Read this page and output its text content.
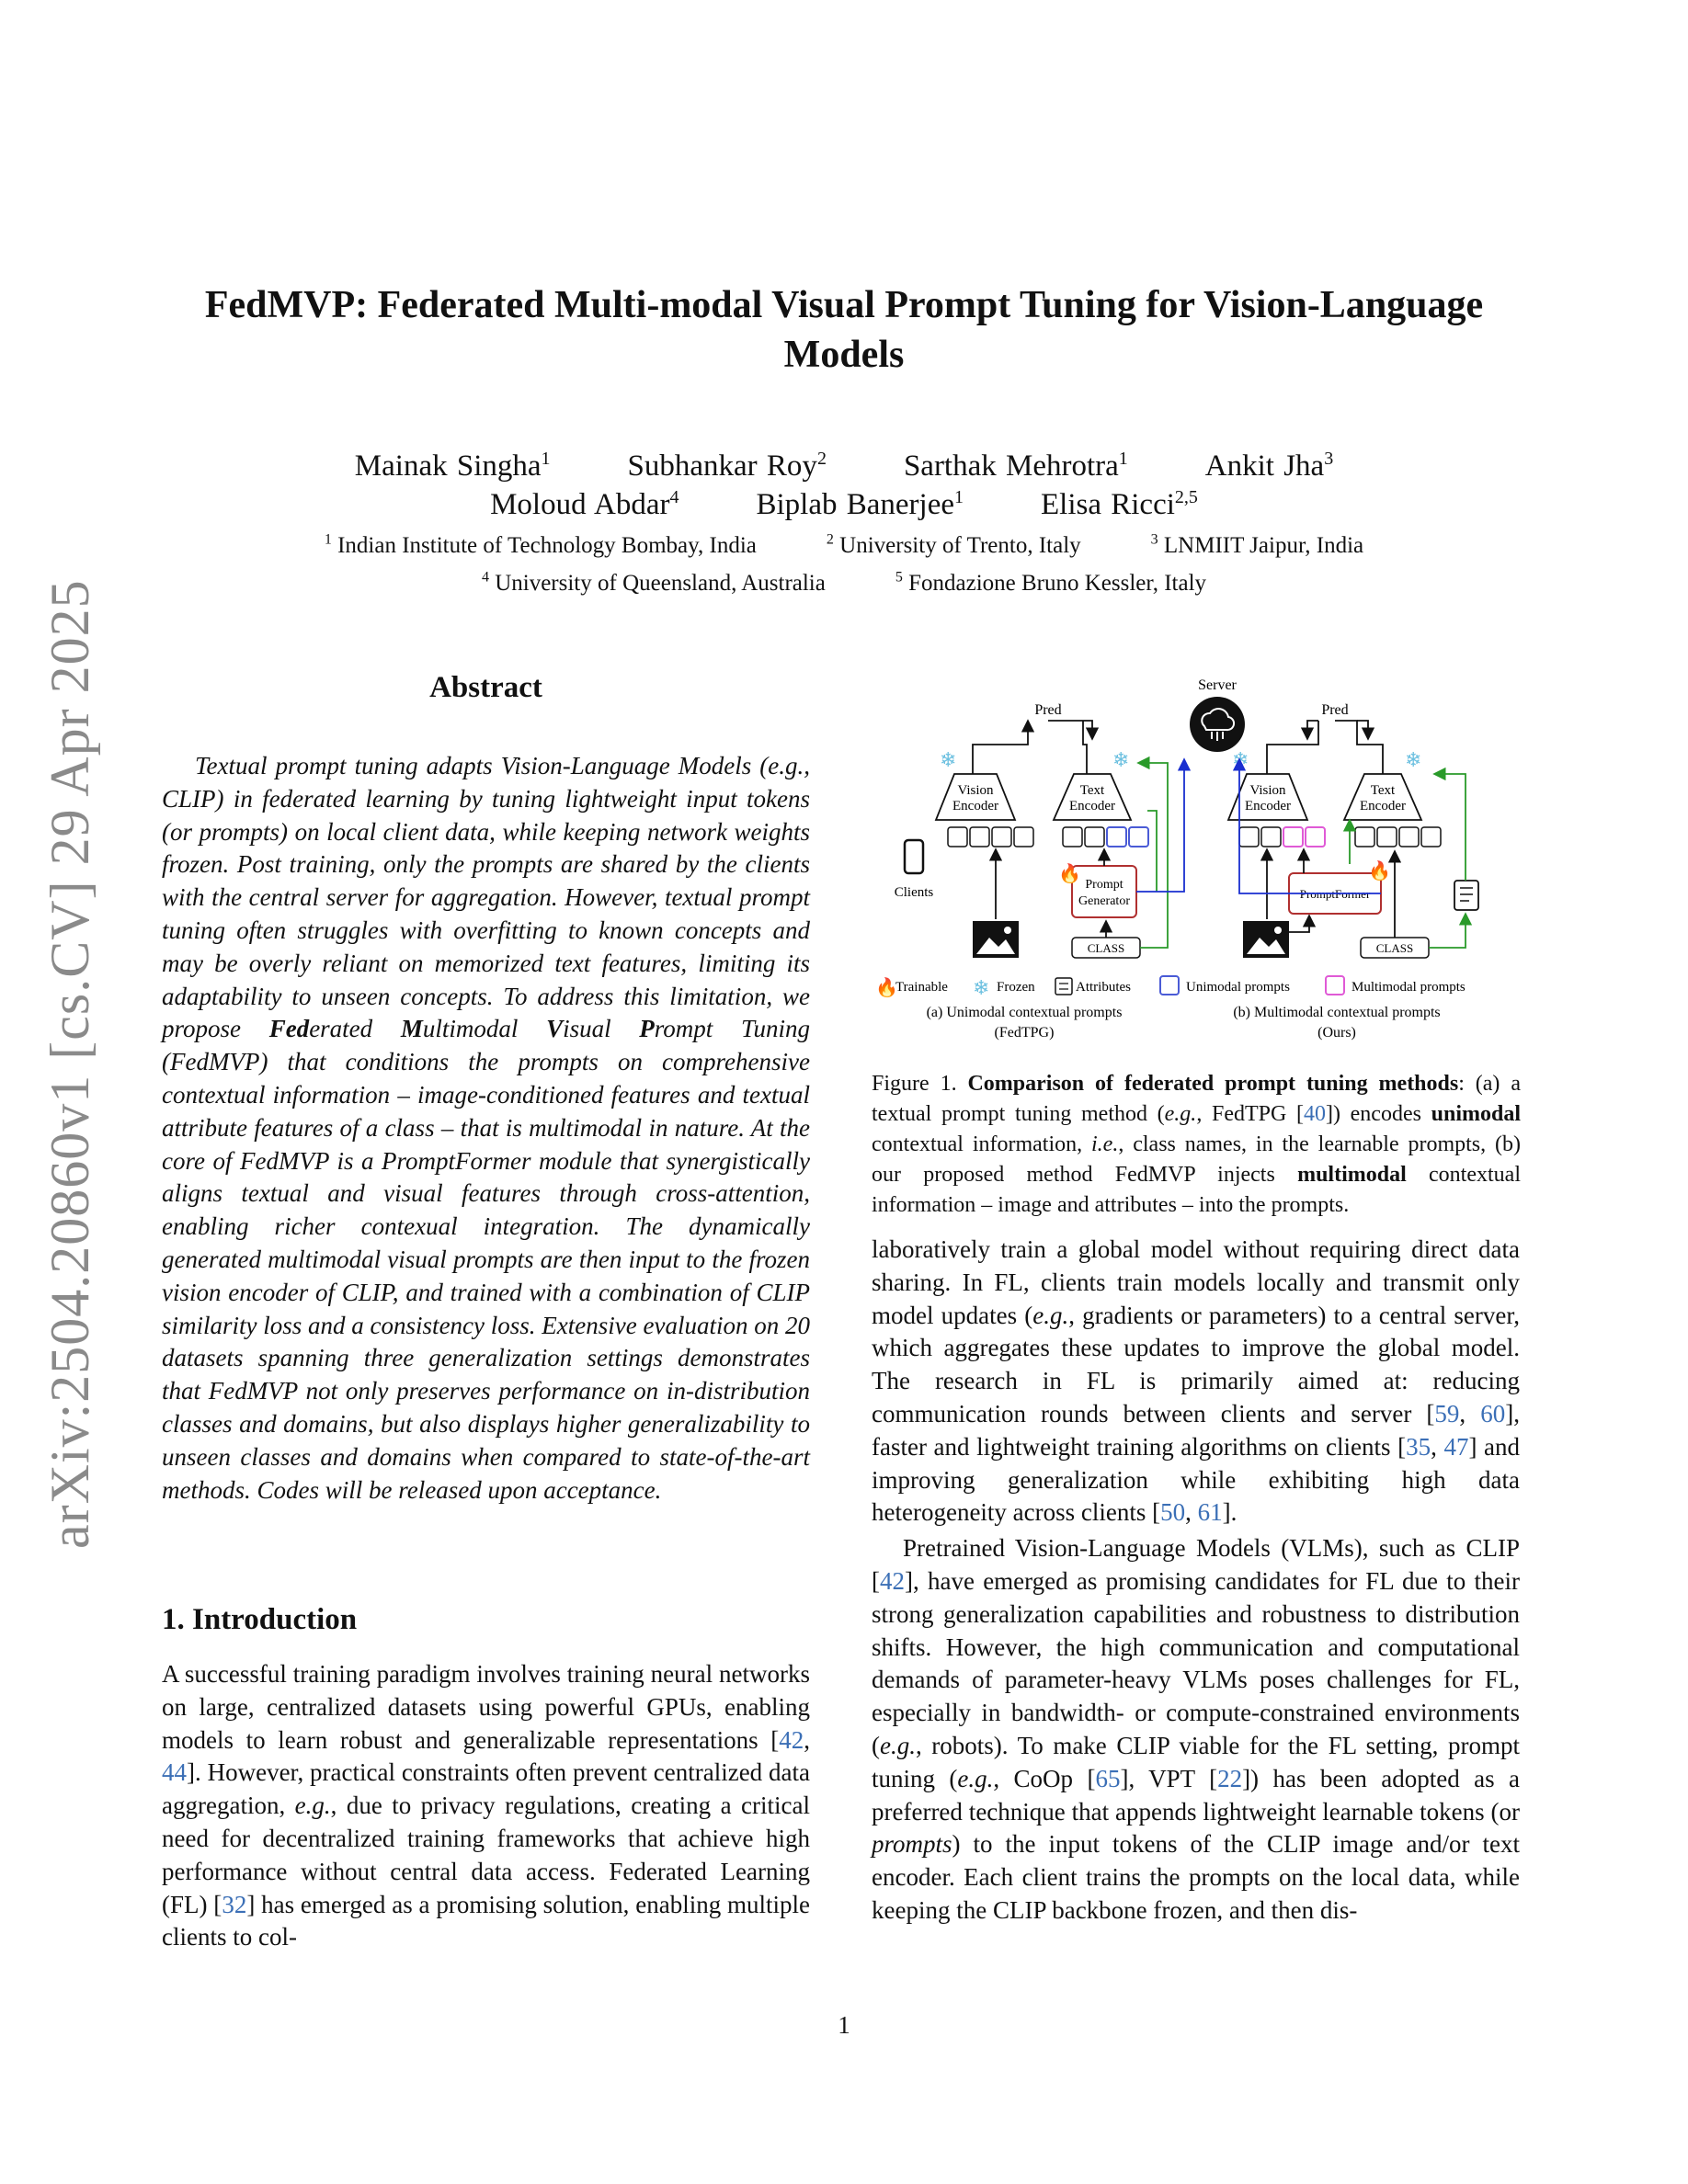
arXiv:2504.20860v1 [cs.CV] 29 Apr 2025
FedMVP: Federated Multi-modal Visual Prompt Tuning for Vision-Language Models
Mainak Singha$^1$	Subhankar Roy$^2$	Sarthak Mehrotra$^1$	Ankit Jha$^3$
Moloud Abdar$^4$	Biplab Banerjee$^1$	Elisa Ricci$^{2,5}$
$^1$ Indian Institute of Technology Bombay, India	$^2$ University of Trento, Italy	$^3$ LNMIIT Jaipur, India
$^4$ University of Queensland, Australia	$^5$ Fondazione Bruno Kessler, Italy
Abstract
Textual prompt tuning adapts Vision-Language Models (e.g., CLIP) in federated learning by tuning lightweight input tokens (or prompts) on local client data, while keeping network weights frozen. Post training, only the prompts are shared by the clients with the central server for aggregation. However, textual prompt tuning often struggles with overfitting to known concepts and may be overly reliant on memorized text features, limiting its adaptability to unseen concepts. To address this limitation, we propose Federated Multimodal Visual Prompt Tuning (FedMVP) that conditions the prompts on comprehensive contextual information – image-conditioned features and textual attribute features of a class – that is multimodal in nature. At the core of FedMVP is a PromptFormer module that synergistically aligns textual and visual features through cross-attention, enabling richer contexual integration. The dynamically generated multimodal visual prompts are then input to the frozen vision encoder of CLIP, and trained with a combination of CLIP similarity loss and a consistency loss. Extensive evaluation on 20 datasets spanning three generalization settings demonstrates that FedMVP not only preserves performance on in-distribution classes and domains, but also displays higher generalizability to unseen classes and domains when compared to state-of-the-art methods. Codes will be released upon acceptance.
1. Introduction

A successful training paradigm involves training neural networks on large, centralized datasets using powerful GPUs, enabling models to learn robust and generalizable representations [42, 44]. However, practical constraints often prevent centralized data aggregation, e.g., due to privacy regulations, creating a critical need for decentralized training frameworks that achieve high performance without central data access. Federated Learning (FL) [32] has emerged as a promising solution, enabling multiple clients to col-

Server
Pred
Vision
Encoder
Text
Encoder
❄	❄
Clients
Prompt
Generator
🔥
CLASS
Pred
Vision
Encoder
Text
Encoder
❄	❄
PromptFormer
🔥
CLASS
🔥
Trainable ❄ Frozen	Attributes	Unimodal prompts	Multimodal prompts
(a) Unimodal contextual prompts
(FedTPG)
(b) Multimodal contextual prompts
(Ours)
Figure 1. Comparison of federated prompt tuning methods: (a) a textual prompt tuning method (e.g., FedTPG [40]) encodes unimodal contextual information, i.e., class names, in the learnable prompts, (b) our proposed method FedMVP injects multimodal contextual information – image and attributes – into the prompts.

laboratively train a global model without requiring direct data sharing. In FL, clients train models locally and transmit only model updates (e.g., gradients or parameters) to a central server, which aggregates these updates to improve the global model. The research in FL is primarily aimed at: reducing communication rounds between clients and server [59, 60], faster and lightweight training algorithms on clients [35, 47] and improving generalization while exhibiting high data heterogeneity across clients [50, 61].

Pretrained Vision-Language Models (VLMs), such as CLIP [42], have emerged as promising candidates for FL due to their strong generalization capabilities and robustness to distribution shifts. However, the high communication and computational demands of parameter-heavy VLMs poses challenges for FL, especially in bandwidth- or compute-constrained environments (e.g., robots). To make CLIP viable for the FL setting, prompt tuning (e.g., CoOp [65], VPT [22]) has been adopted as a preferred technique that appends lightweight learnable tokens (or prompts) to the input tokens of the CLIP image and/or text encoder. Each client trains the prompts on the local data, while keeping the CLIP backbone frozen, and then dis-

1
